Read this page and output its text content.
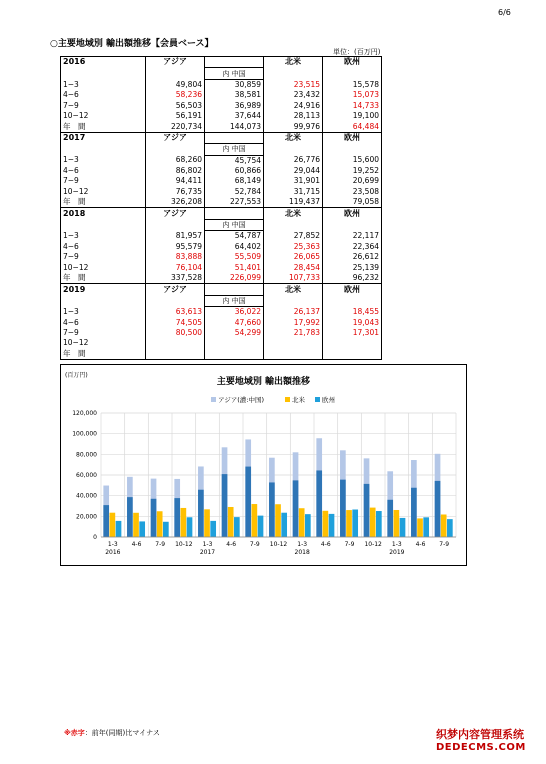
6/6
○主要地域別 輸出額推移【会員ベース】
単位：(百万円)
2016	アジア		北米	欧州
		内 中国		
1−3	49,804	30,859	23,515	15,578
4−6	58,236	38,581	23,432	15,073
7−9	56,503	36,989	24,916	14,733
10−12	56,191	37,644	28,113	19,100
年　間	220,734	144,073	99,976	64,484
2017	アジア		北米	欧州
		内 中国		
1−3	68,260	45,754	26,776	15,600
4−6	86,802	60,866	29,044	19,252
7−9	94,411	68,149	31,901	20,699
10−12	76,735	52,784	31,715	23,508
年　間	326,208	227,553	119,437	79,058
2018	アジア		北米	欧州
		内 中国		
1−3	81,957	54,787	27,852	22,117
4−6	95,579	64,402	25,363	22,364
7−9	83,888	55,509	26,065	26,612
10−12	76,104	51,401	28,454	25,139
年　間	337,528	226,099	107,733	96,232
2019	アジア		北米	欧州
		内 中国		
1−3	63,613	36,022	26,137	18,455
4−6	74,505	47,660	17,992	19,043
7−9	80,500	54,299	21,783	17,301
10−12				
年　間				
主要地域別 輸出額推移
(百万円)
0
20,000
40,000
60,000
80,000
100,000
120,000
アジア(濃:中国)	北米	欧州
1-3 4-6 7-9 10-12 1-3 4-6 7-9 10-12 1-3 4-6 7-9 10-12 1-3 4-6 7-9
2016	2017	2018	2019
※赤字：前年(同期)比マイナス	织梦内容管理系统
DEDECMS.COM
